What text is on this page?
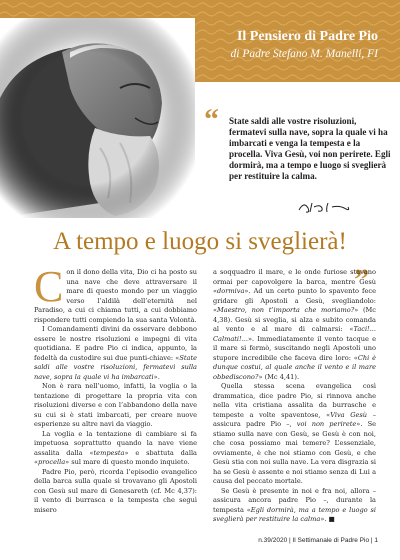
Il Pensiero di Padre Pio

di Padre Stefano M. Manelli, FI

“ State saldi alle vostre risoluzioni, fermatevi sulla nave, sopra la quale vi ha imbarcati e venga la tempesta e la procella. Viva Gesù, voi non perirete. Egli dormirà, ma a tempo e luogo si sveglierà per restituire la calma.

”
A tempo e luogo si sveglierà!

Con il dono della vita, Dio ci ha posto su una nave che deve attraversare il mare di questo mondo per un viaggio verso l’aldilà dell’eternità nel Paradiso, a cui ci chiama tutti, a cui dobbiamo rispondere tutti compiendo la sua santa Volontà.

I Comandamenti divini da osservare debbono essere le nostre risoluzioni e impegni di vita quotidiana. E padre Pio ci indica, appunto, la fedeltà da custodire sui due punti-chiave: «State saldi alle vostre risoluzioni, fermatevi sulla nave, sopra la quale vi ha imbarcati».

Non è rara nell’uomo, infatti, la voglia o la tentazione di progettare la propria vita con risoluzioni diverse e con l’abbandono della nave su cui si è stati imbarcati, per creare nuove esperienze su altre navi da viaggio.

La voglia e la tentazione di cambiare si fa impetuosa soprattutto quando la nave viene assalita dalla «tempesta» e sbattuta dalla «procella» sul mare di questo mondo inquieto.

Padre Pio, però, ricorda l’episodio evangelico della barca sulla quale si trovavano gli Apostoli con Gesù sul mare di Genesareth (cf. Mc 4,37): il vento di burrasca e la tempesta che seguì misero

a soqquadro il mare, e le onde furiose stavano ormai per capovolgere la barca, mentre Gesù «dormiva». Ad un certo punto lo spavento fece gridare gli Apostoli a Gesù, svegliandolo: «Maestro, non t’importa che moriamo?» (Mc 4,38). Gesù si sveglia, si alza e subito comanda al vento e al mare di calmarsi: «Taci!... Calmati!...». Immediatamente il vento tacque e il mare si fermò, suscitando negli Apostoli uno stupore incredibile che faceva dire loro: «Chi è dunque costui, al quale anche il vento e il mare obbediscono?» (Mc 4,41).

Quella stessa scena evangelica così drammatica, dice padre Pio, si rinnova anche nella vita cristiana assalita da burrasche e tempeste a volte spaventose, «Viva Gesù – assicura padre Pio –, voi non perirete». Se stiamo sulla nave con Gesù, se Gesù è con noi, che cosa possiamo mai temere? L’essenziale, ovviamente, è che noi stiamo con Gesù, e che Gesù stia con noi sulla nave. La vera disgrazia si ha se Gesù è assente e noi stiamo senza di Lui a causa del peccato mortale.

Se Gesù è presente in noi e fra noi, allora – assicura ancora padre Pio –, durante la tempesta «Egli dormirà, ma a tempo e luogo si sveglierà per restituire la calma». ■

n.39/2020 | Il Settimanale di Padre Pio | 1
